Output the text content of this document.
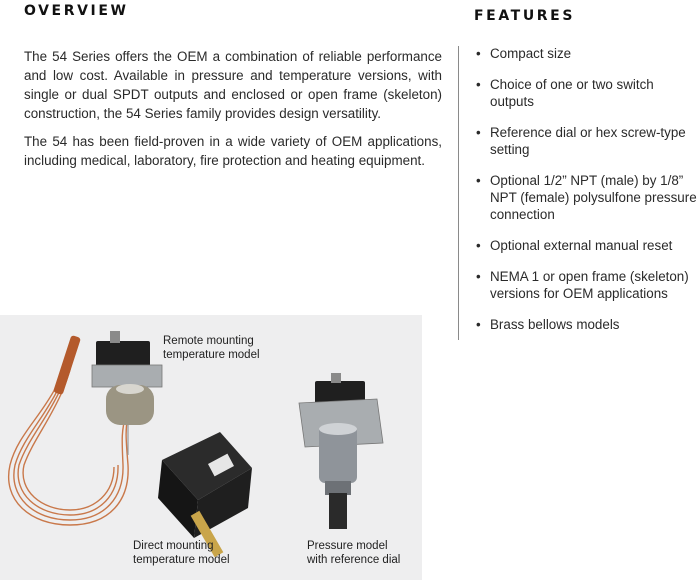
OVERVIEW	FEATURES

The 54 Series offers the OEM a combination of reliable performance and low cost. Available in pressure and temperature versions, with single or dual SPDT outputs and enclosed or open frame (skeleton) construction, the 54 Series family provides design versatility.

The 54 has been field-proven in a wide variety of OEM applications, including medical, laboratory, fire protection and heating equipment.

• Compact size
• Choice of one or two switch outputs
• Reference dial or hex screw-type setting
• Optional 1/2” NPT (male) by 1/8” NPT (female) polysulfone pressure connection
• Optional external manual reset
• NEMA 1 or open frame (skeleton) versions for OEM applications
• Brass bellows models
Remote mounting
temperature model
Direct mounting
temperature model
Pressure model
with reference dial
